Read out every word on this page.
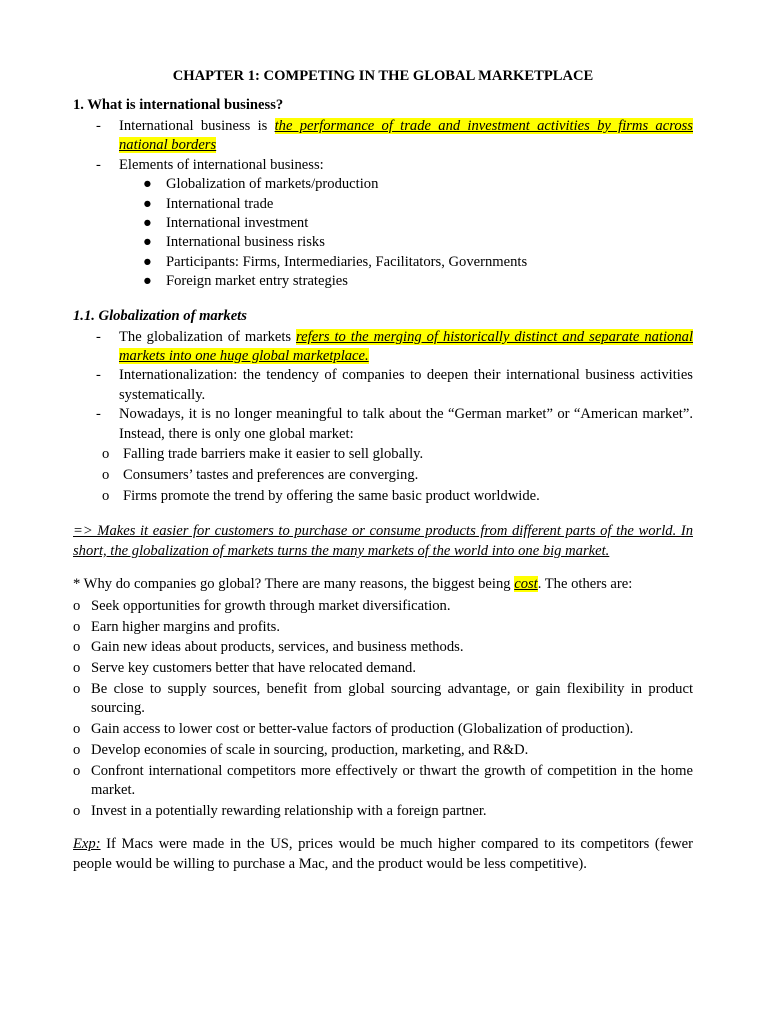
CHAPTER 1: COMPETING IN THE GLOBAL MARKETPLACE

1. What is international business?

- International business is the performance of trade and investment activities by firms across national borders
- Elements of international business:
● Globalization of markets/production
● International trade
● International investment
● International business risks
● Participants: Firms, Intermediaries, Facilitators, Governments
● Foreign market entry strategies

1.1. Globalization of markets

- The globalization of markets refers to the merging of historically distinct and separate national markets into one huge global marketplace.
- Internationalization: the tendency of companies to deepen their international business activities systematically.
- Nowadays, it is no longer meaningful to talk about the “German market” or “American market”. Instead, there is only one global market:
o Falling trade barriers make it easier to sell globally.
o Consumers’ tastes and preferences are converging.
o Firms promote the trend by offering the same basic product worldwide.

=> Makes it easier for customers to purchase or consume products from different parts of the world. In short, the globalization of markets turns the many markets of the world into one big market.

* Why do companies go global? There are many reasons, the biggest being cost. The others are:

o Seek opportunities for growth through market diversification.
o Earn higher margins and profits.
o Gain new ideas about products, services, and business methods.
o Serve key customers better that have relocated demand.
o Be close to supply sources, benefit from global sourcing advantage, or gain flexibility in product sourcing.
o Gain access to lower cost or better-value factors of production (Globalization of production).
o Develop economies of scale in sourcing, production, marketing, and R&D.
o Confront international competitors more effectively or thwart the growth of competition in the home market.
o Invest in a potentially rewarding relationship with a foreign partner.

Exp: If Macs were made in the US, prices would be much higher compared to its competitors (fewer people would be willing to purchase a Mac, and the product would be less competitive).
